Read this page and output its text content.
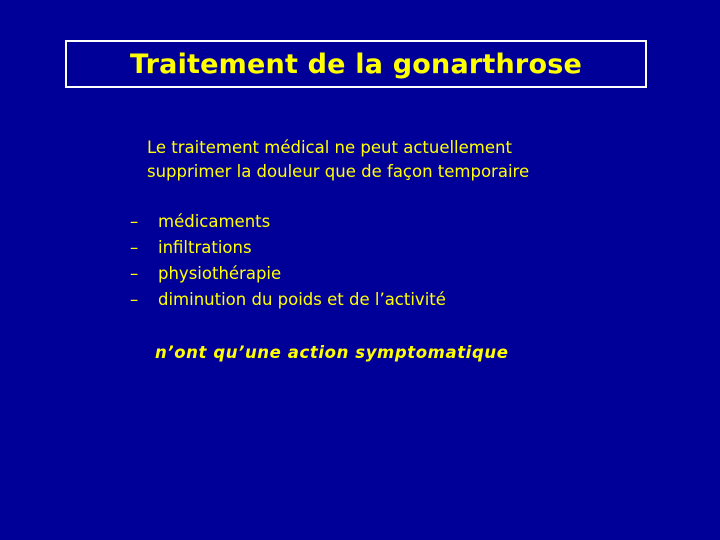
Traitement de la gonarthrose
Le traitement médical ne peut actuellement
supprimer la douleur que de façon temporaire
–	médicaments
–	infiltrations
–	physiothérapie
–	diminution du poids et de l’activité
n’ont qu’une action symptomatique
